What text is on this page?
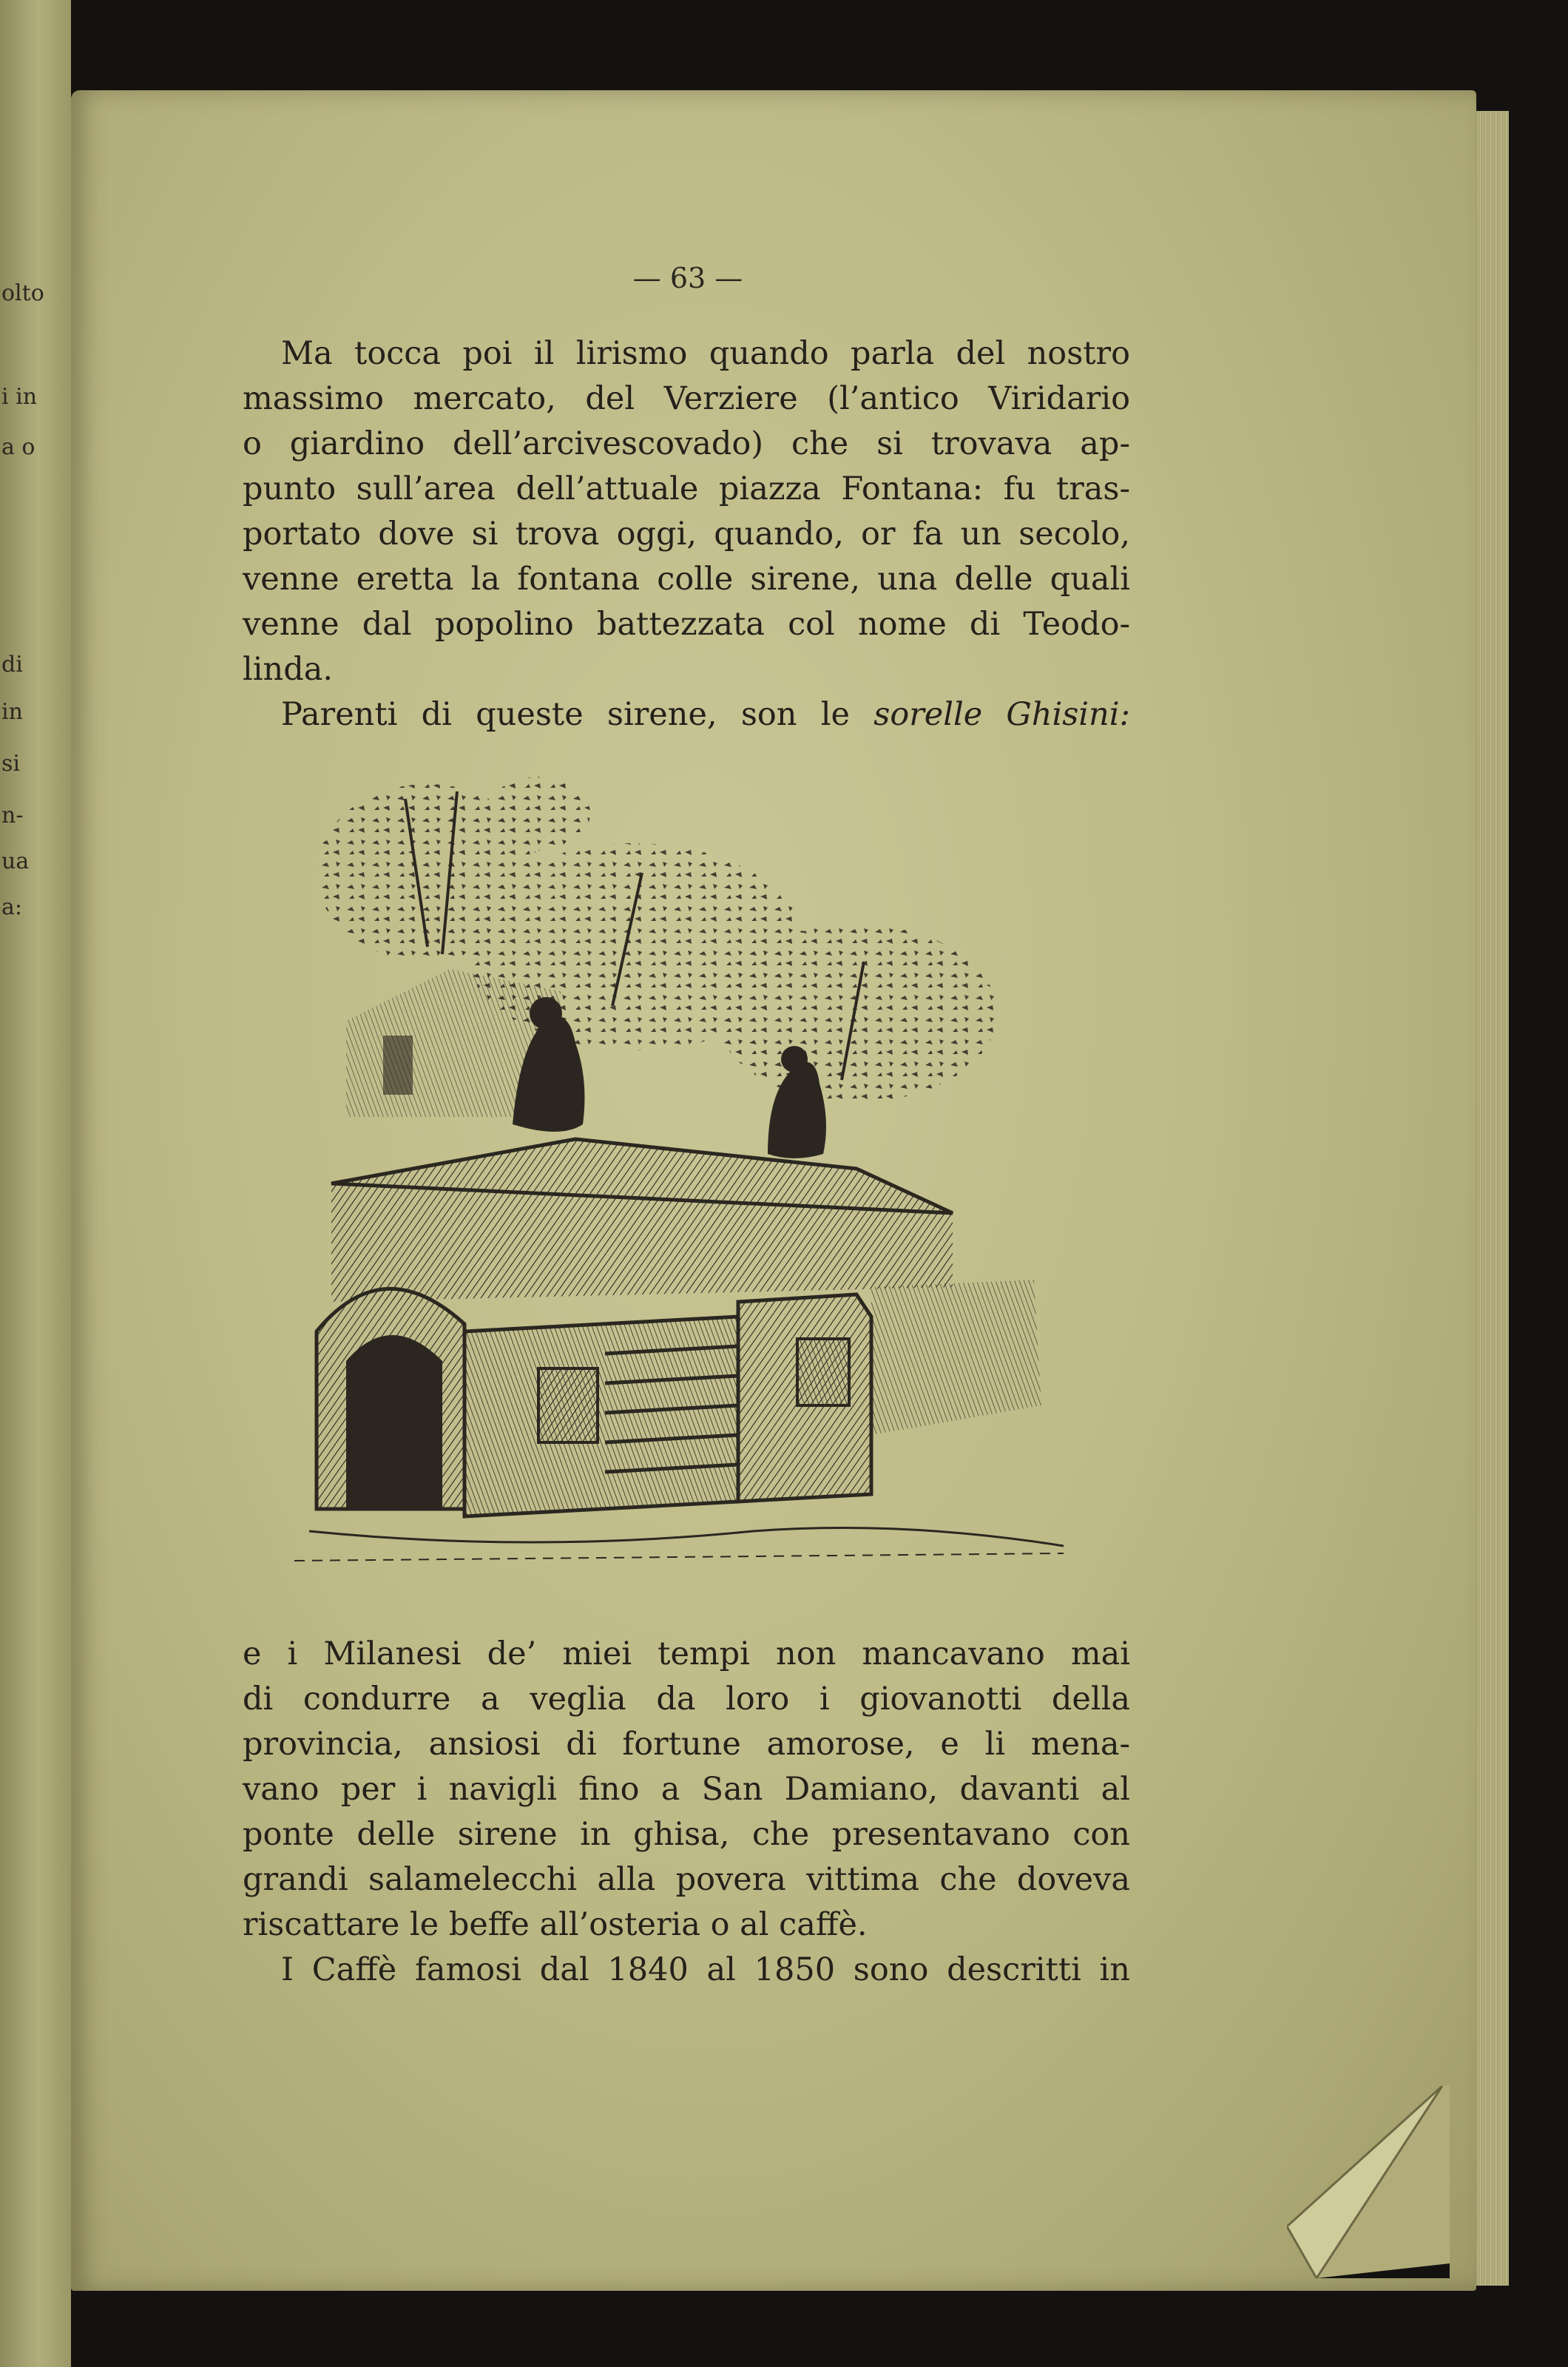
olto
i in
a o
di
in
si
n-
ua
a:
— 63 —
Ma tocca poi il lirismo quando parla del nostro
massimo mercato, del Verziere (l’antico Viridario
o giardino dell’arcivescovado) che si trovava ap-
punto sull’area dell’attuale piazza Fontana: fu tras-
portato dove si trova oggi, quando, or fa un secolo,
venne eretta la fontana colle sirene, una delle quali
venne dal popolino battezzata col nome di Teodo-
linda.
Parenti di queste sirene, son le sorelle Ghisini:
e i Milanesi de’ miei tempi non mancavano mai
di condurre a veglia da loro i giovanotti della
provincia, ansiosi di fortune amorose, e li mena-
vano per i navigli fino a San Damiano, davanti al
ponte delle sirene in ghisa, che presentavano con
grandi salamelecchi alla povera vittima che doveva
riscattare le beffe all’osteria o al caffè.
I Caffè famosi dal 1840 al 1850 sono descritti in
